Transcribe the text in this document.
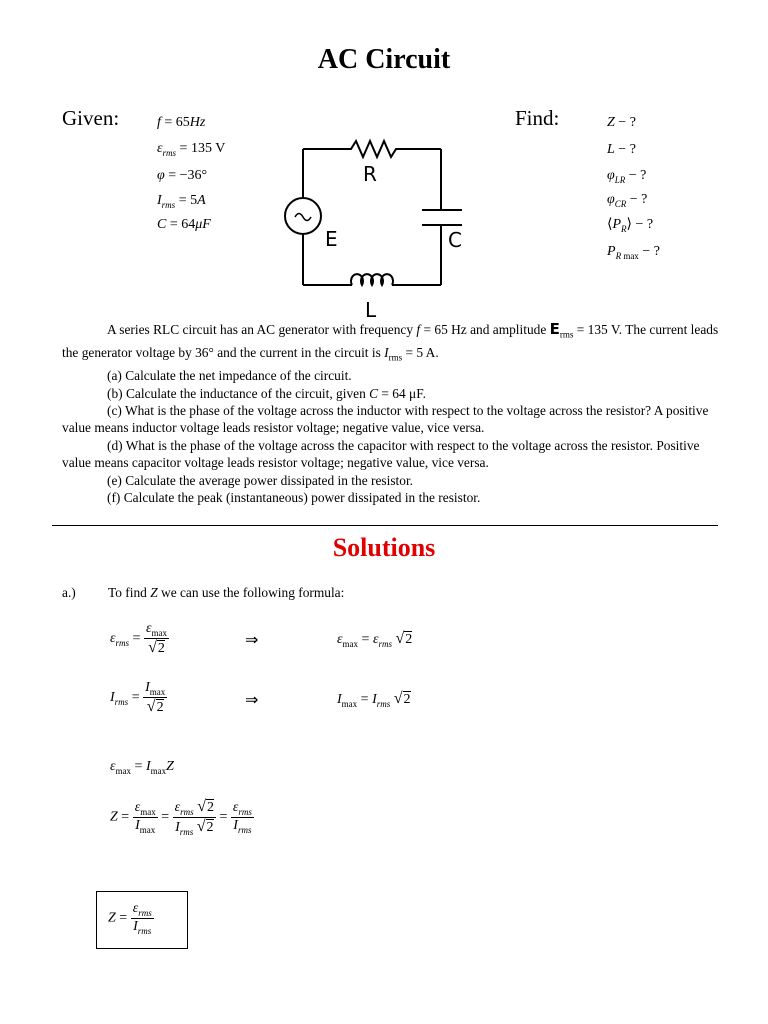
AC Circuit
Given:	Find:
f = 65Hz
$\varepsilon_{rms} = 135$ V
φ = −36°
$I_{rms} = 5A$
C = 64μF
Z − ?
L − ?
$\varphi_{LR}$ − ?
$\varphi_{CR}$ − ?
$⟨P_R⟩$ − ?
$P_{R max}$ − ?
R
C
L
E

A series RLC circuit has an AC generator with frequency f = 65 Hz and amplitude $E_{rms} = 135$ V. The current leads the generator voltage by 36° and the current in the circuit is $I_{rms} = 5$ A.

(a) Calculate the net impedance of the circuit.

(b) Calculate the inductance of the circuit, given C = 64 μF.

(c) What is the phase of the voltage across the inductor with respect to the voltage across the resistor? A positive value means inductor voltage leads resistor voltage; negative value, vice versa.

(d) What is the phase of the voltage across the capacitor with respect to the voltage across the resistor. Positive value means capacitor voltage leads resistor voltage; negative value, vice versa.

(e) Calculate the average power dissipated in the resistor.

(f) Calculate the peak (instantaneous) power dissipated in the resistor.

Solutions
a.) To find Z we can use the following formula:
$\varepsilon_{rms} = \frac{\varepsilon_{max}}{√2}$	⇒	$\varepsilon_{max} = \varepsilon_{rms}$ √2
$I_{rms} = \frac{I_{max}}{√2}$	⇒	$I_{max} = I_{rms}$ √2
$\varepsilon_{max} = I_{max}Z$
$Z = \frac{\varepsilon_{max}}{I_{max}} = \frac{\varepsilon_{rms} √2}{I_{rms} √2} = \frac{\varepsilon_{rms}}{I_{rms}}$
$Z = \frac{\varepsilon_{rms}}{I_{rms}}$
